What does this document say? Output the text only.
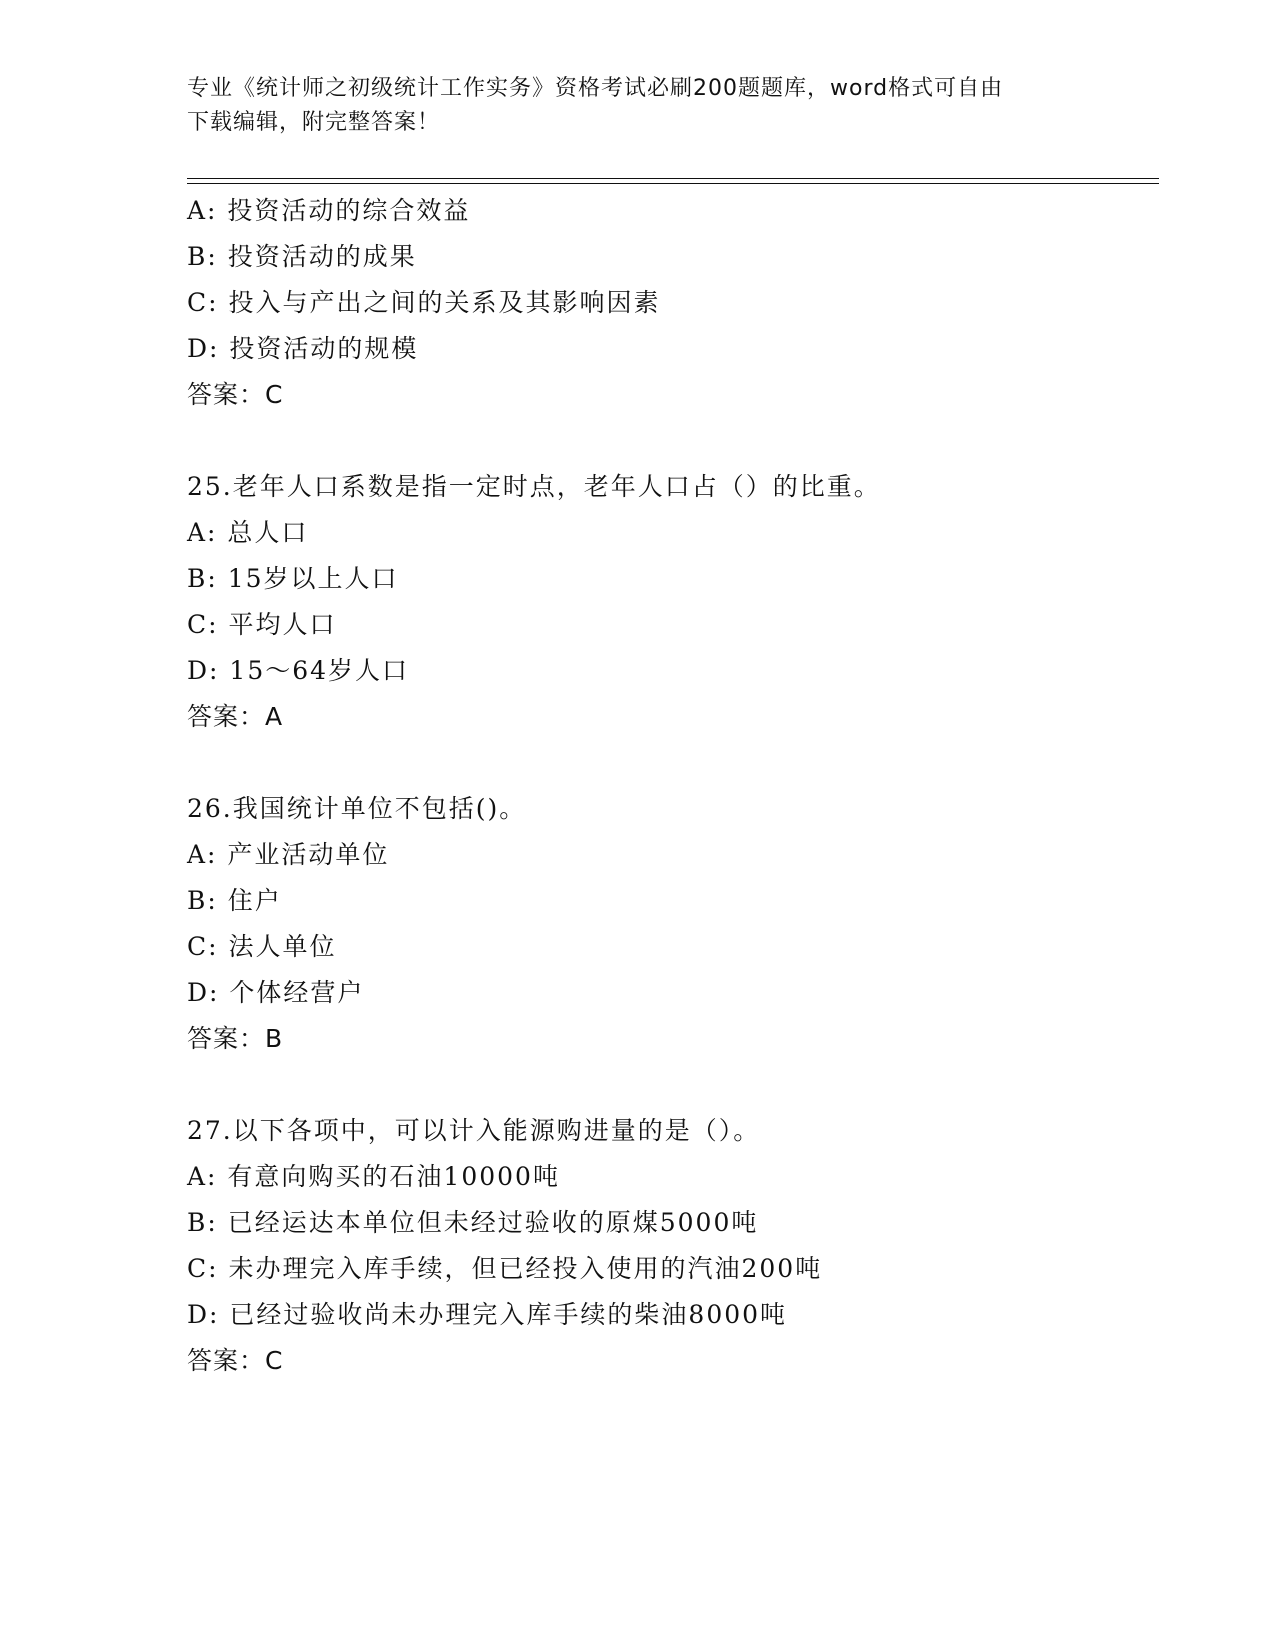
专业《统计师之初级统计工作实务》资格考试必刷200题题库，word格式可自由
下载编辑，附完整答案！
A: 投资活动的综合效益
B: 投资活动的成果
C: 投入与产出之间的关系及其影响因素
D: 投资活动的规模
答案：C
25.老年人口系数是指一定时点，老年人口占（）的比重。
A: 总人口
B: 15岁以上人口
C: 平均人口
D: 15～64岁人口
答案：A
26.我国统计单位不包括()。
A: 产业活动单位
B: 住户
C: 法人单位
D: 个体经营户
答案：B
27.以下各项中，可以计入能源购进量的是（）。
A: 有意向购买的石油10000吨
B: 已经运达本单位但未经过验收的原煤5000吨
C: 未办理完入库手续，但已经投入使用的汽油200吨
D: 已经过验收尚未办理完入库手续的柴油8000吨
答案：C
